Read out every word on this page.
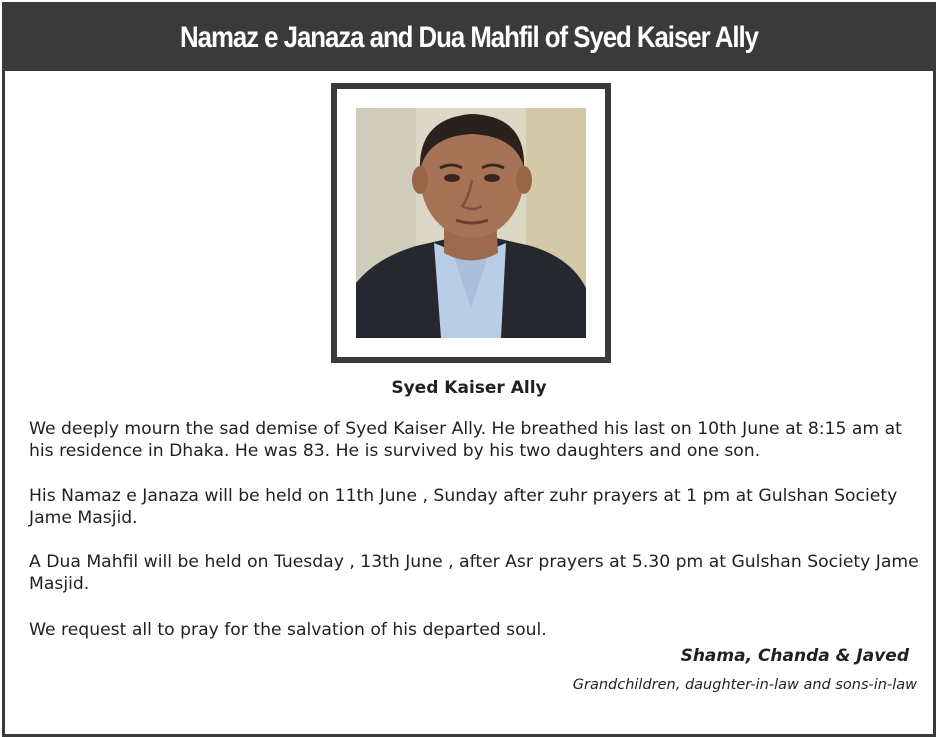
Namaz e Janaza and Dua Mahfil of Syed Kaiser Ally
Syed Kaiser Ally

We deeply mourn the sad demise of Syed Kaiser Ally. He breathed his last on 10th June at 8:15 am at his residence in Dhaka. He was 83. He is survived by his two daughters and one son.

His Namaz e Janaza will be held on 11th June , Sunday after zuhr prayers at 1 pm at Gulshan Society Jame Masjid.

A Dua Mahfil will be held on Tuesday , 13th June , after Asr prayers at 5.30 pm at Gulshan Society Jame Masjid.

We request all to pray for the salvation of his departed soul.

Shama, Chanda & Javed
Grandchildren, daughter-in-law and sons-in-law
